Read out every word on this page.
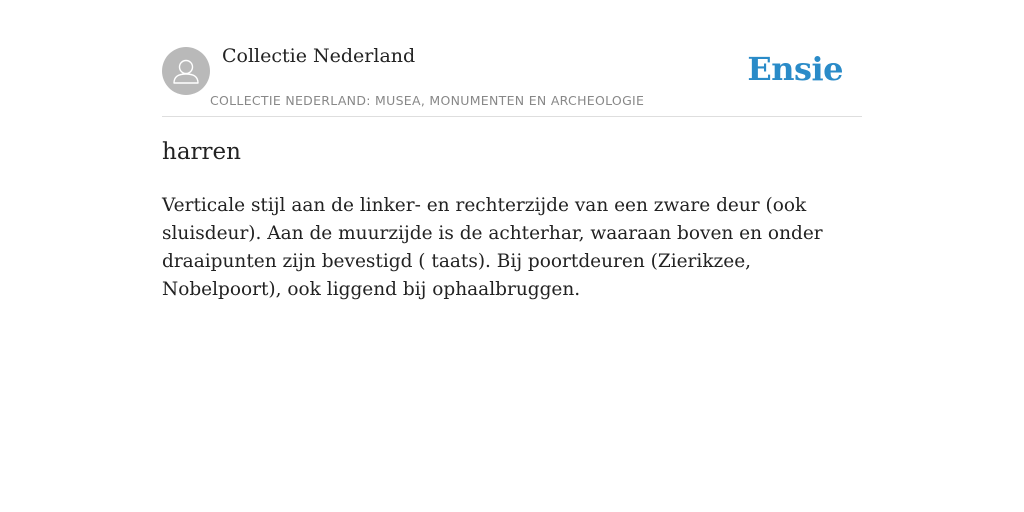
Collectie Nederland
COLLECTIE NEDERLAND: MUSEA, MONUMENTEN EN ARCHEOLOGIE
Ensie
harren

Verticale stijl aan de linker- en rechterzijde van een zware deur (ook sluisdeur). Aan de muurzijde is de achterhar, waaraan boven en onder draaipunten zijn bevestigd ( taats). Bij poortdeuren (Zierikzee, Nobelpoort), ook liggend bij ophaalbruggen.
